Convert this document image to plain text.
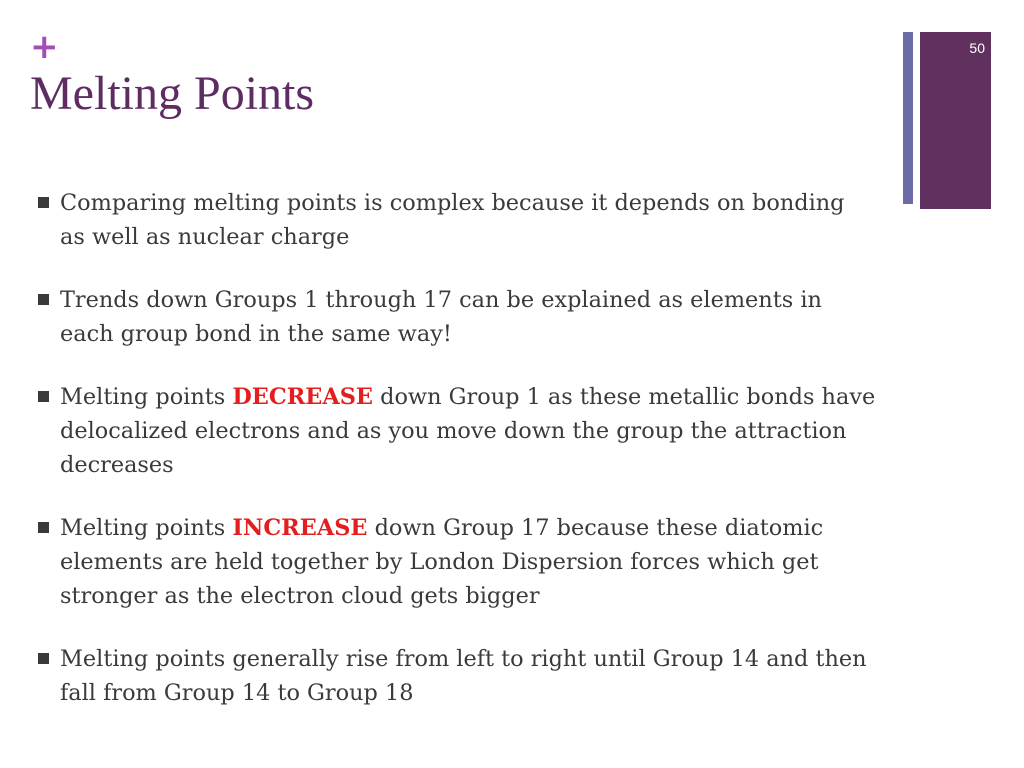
+
Melting Points
50
Comparing melting points is complex because it depends on bonding
as well as nuclear charge
Trends down Groups 1 through 17 can be explained as elements in
each group bond in the same way!
Melting points DECREASE down Group 1 as these metallic bonds have
delocalized electrons and as you move down the group the attraction
decreases
Melting points INCREASE down Group 17 because these diatomic
elements are held together by London Dispersion forces which get
stronger as the electron cloud gets bigger
Melting points generally rise from left to right until Group 14 and then
fall from Group 14 to Group 18
